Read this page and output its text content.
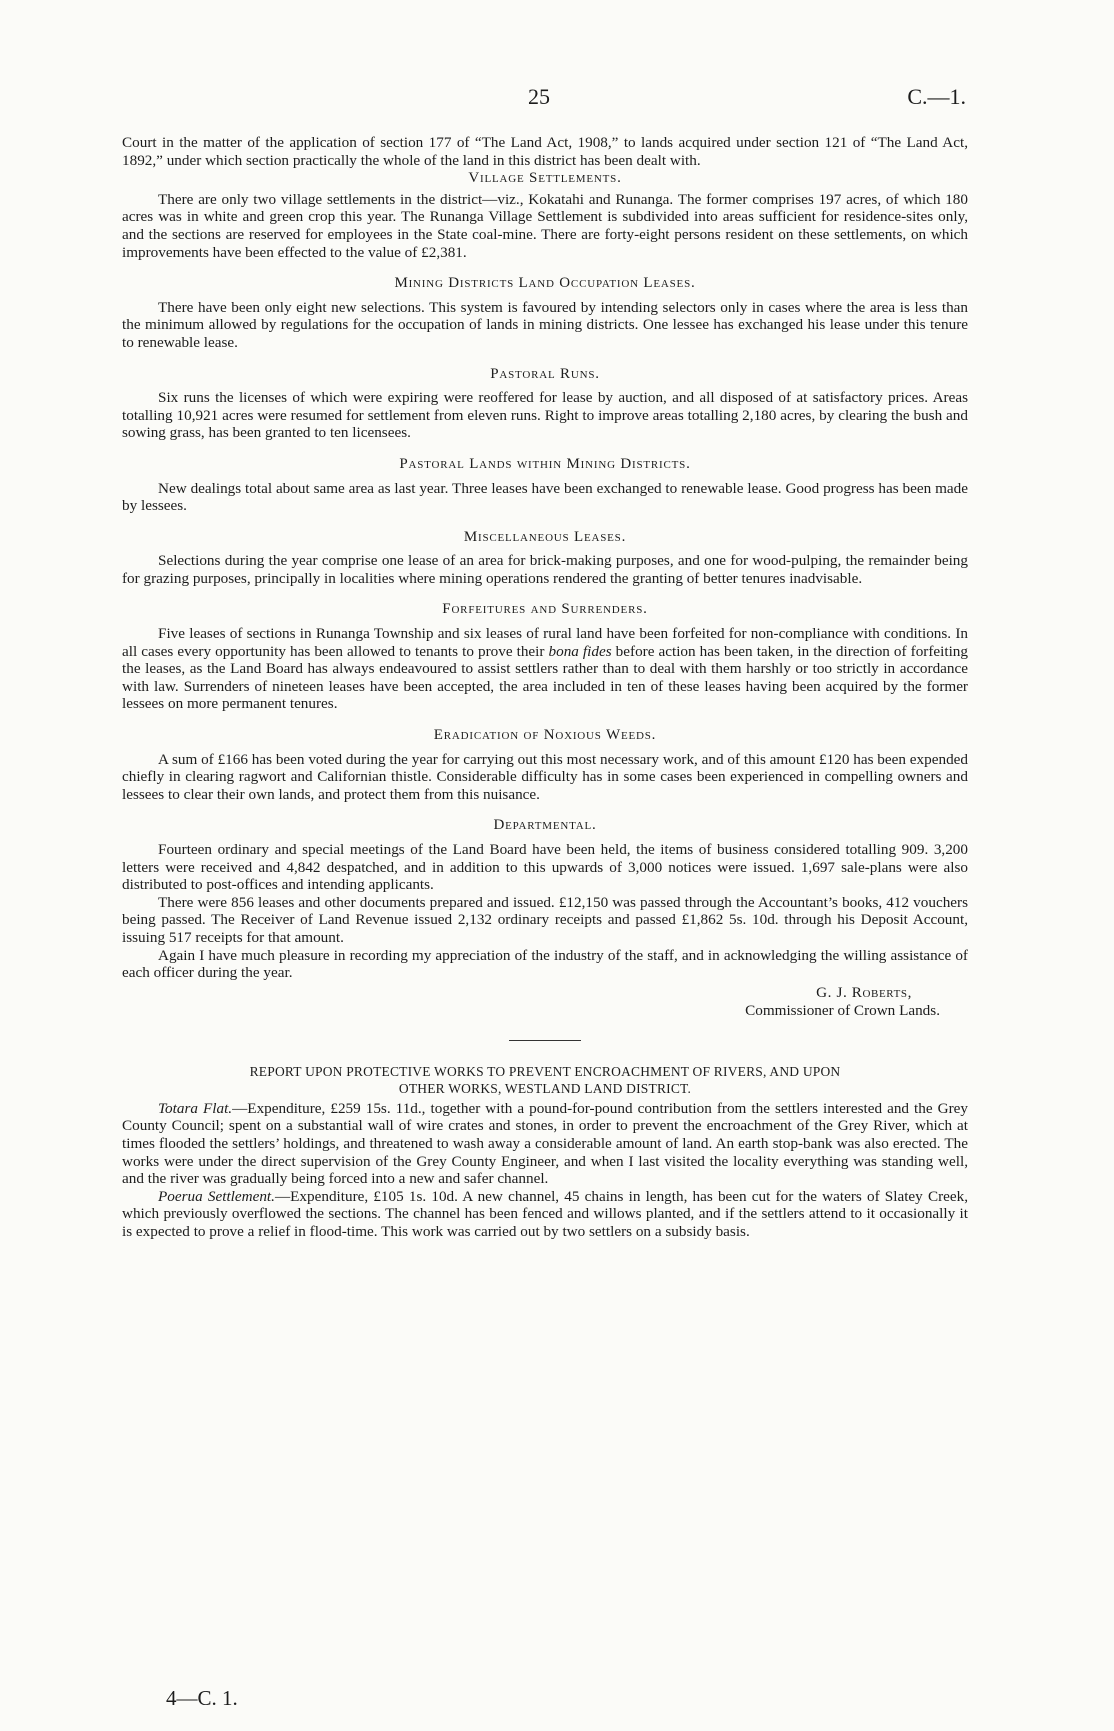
25	C.—1.

Court in the matter of the application of section 177 of “The Land Act, 1908,” to lands acquired under section 121 of “The Land Act, 1892,” under which section practically the whole of the land in this district has been dealt with.

Village Settlements.

There are only two village settlements in the district—viz., Kokatahi and Runanga. The former comprises 197 acres, of which 180 acres was in white and green crop this year. The Runanga Village Settlement is subdivided into areas sufficient for residence-sites only, and the sections are reserved for employees in the State coal-mine. There are forty-eight persons resident on these settlements, on which improvements have been effected to the value of £2,381.

Mining Districts Land Occupation Leases.

There have been only eight new selections. This system is favoured by intending selectors only in cases where the area is less than the minimum allowed by regulations for the occupation of lands in mining districts. One lessee has exchanged his lease under this tenure to renewable lease.

Pastoral Runs.

Six runs the licenses of which were expiring were reoffered for lease by auction, and all disposed of at satisfactory prices. Areas totalling 10,921 acres were resumed for settlement from eleven runs. Right to improve areas totalling 2,180 acres, by clearing the bush and sowing grass, has been granted to ten licensees.

Pastoral Lands within Mining Districts.

New dealings total about same area as last year. Three leases have been exchanged to renewable lease. Good progress has been made by lessees.

Miscellaneous Leases.

Selections during the year comprise one lease of an area for brick-making purposes, and one for wood-pulping, the remainder being for grazing purposes, principally in localities where mining operations rendered the granting of better tenures inadvisable.

Forfeitures and Surrenders.

Five leases of sections in Runanga Township and six leases of rural land have been forfeited for non-compliance with conditions. In all cases every opportunity has been allowed to tenants to prove their bona fides before action has been taken, in the direction of forfeiting the leases, as the Land Board has always endeavoured to assist settlers rather than to deal with them harshly or too strictly in accordance with law. Surrenders of nineteen leases have been accepted, the area included in ten of these leases having been acquired by the former lessees on more permanent tenures.

Eradication of Noxious Weeds.

A sum of £166 has been voted during the year for carrying out this most necessary work, and of this amount £120 has been expended chiefly in clearing ragwort and Californian thistle. Considerable difficulty has in some cases been experienced in compelling owners and lessees to clear their own lands, and protect them from this nuisance.

Departmental.

Fourteen ordinary and special meetings of the Land Board have been held, the items of business considered totalling 909. 3,200 letters were received and 4,842 despatched, and in addition to this upwards of 3,000 notices were issued. 1,697 sale-plans were also distributed to post-offices and intending applicants.

There were 856 leases and other documents prepared and issued. £12,150 was passed through the Accountant’s books, 412 vouchers being passed. The Receiver of Land Revenue issued 2,132 ordinary receipts and passed £1,862 5s. 10d. through his Deposit Account, issuing 517 receipts for that amount.

Again I have much pleasure in recording my appreciation of the industry of the staff, and in acknowledging the willing assistance of each officer during the year.

G. J. Roberts,
Commissioner of Crown Lands.
REPORT UPON PROTECTIVE WORKS TO PREVENT ENCROACHMENT OF RIVERS, AND UPON
OTHER WORKS, WESTLAND LAND DISTRICT.

Totara Flat.—Expenditure, £259 15s. 11d., together with a pound-for-pound contribution from the settlers interested and the Grey County Council; spent on a substantial wall of wire crates and stones, in order to prevent the encroachment of the Grey River, which at times flooded the settlers’ holdings, and threatened to wash away a considerable amount of land. An earth stop-bank was also erected. The works were under the direct supervision of the Grey County Engineer, and when I last visited the locality everything was standing well, and the river was gradually being forced into a new and safer channel.

Poerua Settlement.—Expenditure, £105 1s. 10d. A new channel, 45 chains in length, has been cut for the waters of Slatey Creek, which previously overflowed the sections. The channel has been fenced and willows planted, and if the settlers attend to it occasionally it is expected to prove a relief in flood-time. This work was carried out by two settlers on a subsidy basis.

4—C. 1.
